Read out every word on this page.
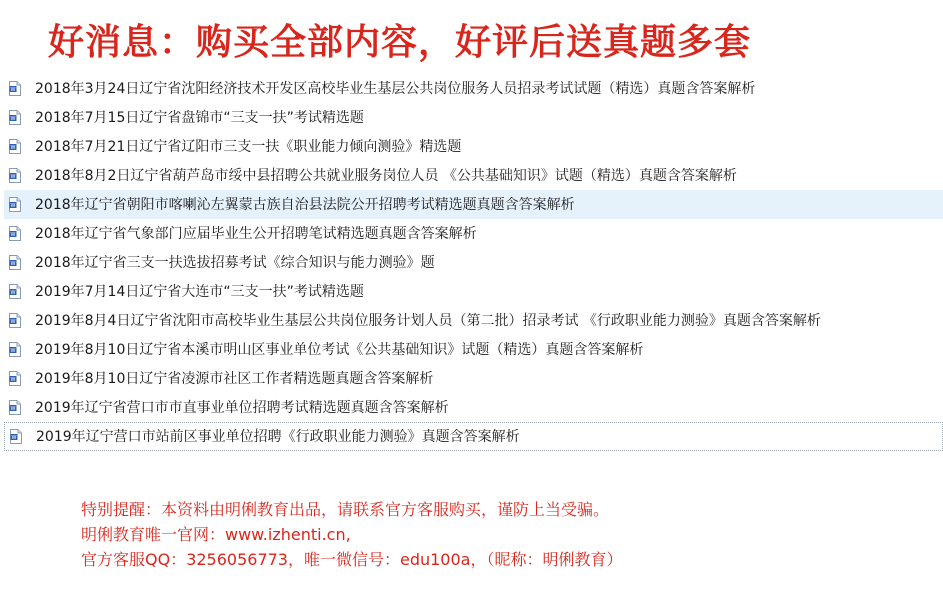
好消息：购买全部内容，好评后送真题多套
W 2018年3月24日辽宁省沈阳经济技术开发区高校毕业生基层公共岗位服务人员招录考试试题（精选）真题含答案解析
W 2018年7月15日辽宁省盘锦市“三支一扶”考试精选题
W 2018年7月21日辽宁省辽阳市三支一扶《职业能力倾向测验》精选题
W 2018年8月2日辽宁省葫芦岛市绥中县招聘公共就业服务岗位人员 《公共基础知识》试题（精选）真题含答案解析
W 2018年辽宁省朝阳市喀喇沁左翼蒙古族自治县法院公开招聘考试精选题真题含答案解析
W 2018年辽宁省气象部门应届毕业生公开招聘笔试精选题真题含答案解析
W 2018年辽宁省三支一扶选拔招募考试《综合知识与能力测验》题
W 2019年7月14日辽宁省大连市“三支一扶”考试精选题
W 2019年8月4日辽宁省沈阳市高校毕业生基层公共岗位服务计划人员（第二批）招录考试 《行政职业能力测验》真题含答案解析
W 2019年8月10日辽宁省本溪市明山区事业单位考试《公共基础知识》试题（精选）真题含答案解析
W 2019年8月10日辽宁省凌源市社区工作者精选题真题含答案解析
W 2019年辽宁省营口市市直事业单位招聘考试精选题真题含答案解析
W 2019年辽宁营口市站前区事业单位招聘《行政职业能力测验》真题含答案解析
特别提醒：本资料由明俐教育出品，请联系官方客服购买，谨防上当受骗。
明俐教育唯一官网：www.izhenti.cn,
官方客服QQ：3256056773，唯一微信号：edu100a，（昵称：明俐教育）
